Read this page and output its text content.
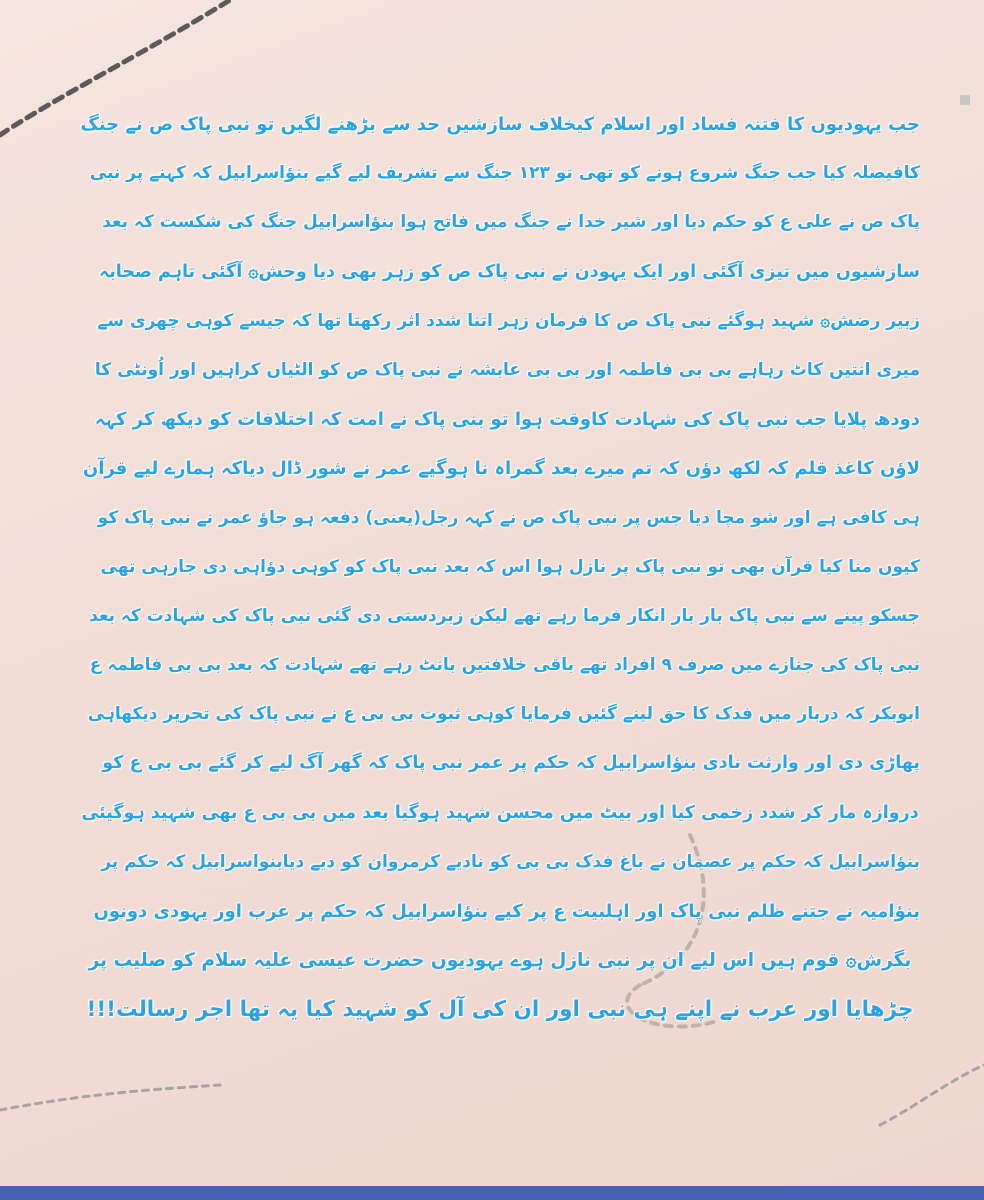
جب یہودیوں کا فتنہ فساد اور اسلام کیخلاف سازشیں حد سے بڑھنے لگیں تو نبی پاک ص نے جنگ
کافیصلہ کیا جب جنگ شروع ہونے کو تھی تو ۱۲۳ جنگ سے تشریف لیے گیے بنؤاسرابیل کہ کہنے پر نبی
پاک ص نے علی ع کو حکم دیا اور شیر خدا نے جنگ میں فاتح ہوا بنؤاسرابیل جنگ کی شکست کہ بعد
سازشیوں میں تیزی آگئی اور ایک یہودن نے نبی پاک ص کو زہر بھی دیا وحش۞ آگئی تاہم صحابہ
زبیر رضش۞ شہید ہوگئے نبی پاک ص کا فرمان زہر اتنا شدد اثر رکھتا تھا کہ جیسے کوہی چھری سے
میری انتیں کاٹ رہاہے بی بی فاطمہ اور بی بی عابشہ نے نبی پاک ص کو الٹیاں کراہیں اور اُونٹی کا
دودھ پلایا جب نبی پاک کی شہادت کاوقت ہوا تو بنی پاک نے امت کہ اختلافات کو دیکھ کر کہہ
لاؤں کاغذ قلم کہ لکھ دؤں کہ تم میرے بعد گمراہ نا ہوگیے عمر نے شور ڈال دیاکہ ہمارے لیے قرآن
ہی کافی ہے اور شو مچا دیا جس پر نبی پاک ص نے کہہ رجل(یعنی) دفعہ ہو جاؤ عمر نے نبی پاک کو
کیوں منا کیا قرآن بھی تو نبی پاک پر نازل ہوا اس کہ بعد نبی پاک کو کوہی دؤاہی دی جارہی تھی
جسکو پینے سے نبی پاک بار بار انکار فرما رہے تھے لیکن زبردستی دی گئی نبی پاک کی شہادت کہ بعد
نبی پاک کی جنازے میں صرف ۹ افراد تھے باقی خلافتیں بانٹ رہے تھے شہادت کہ بعد بی بی فاطمہ ع
ابوبکر کہ دربار میں فدک کا حق لینے گئیں فرمایا کوہی ثبوت بی بی ع نے نبی پاک کی تحریر دیکھاہی
پھاڑی دی اور وارثت نادی بنؤاسرابیل کہ حکم پر عمر نبی پاک کہ گھر آگ لیے کر گئے بی بی ع کو
دروازہ مار کر شدد زخمی کیا اور بیٹ میں محسن شہید ہوگیا بعد میں بی بی ع بھی شہید ہوگیئی
بنؤاسرابیل کہ حکم پر عصمان نے باغ فدک بی بی کو نادیے کرمروان کو دیے دیابنواسرابیل کہ حکم پر
بنؤامیہ نے جتنے ظلم نبی پاک اور اہلبیت ع پر کیے بنؤاسرابیل کہ حکم پر عرب اور یہودی دونوں
بگرش۞ قوم ہیں اس لیے ان پر نبی نازل ہوے یہودیوں حضرت عیسی علیہ سلام کو صلیب پر
چڑھایا اور عرب نے اپنے ہی نبی اور ان کی آل کو شہید کیا یہ تھا اجر رسالت!!!
